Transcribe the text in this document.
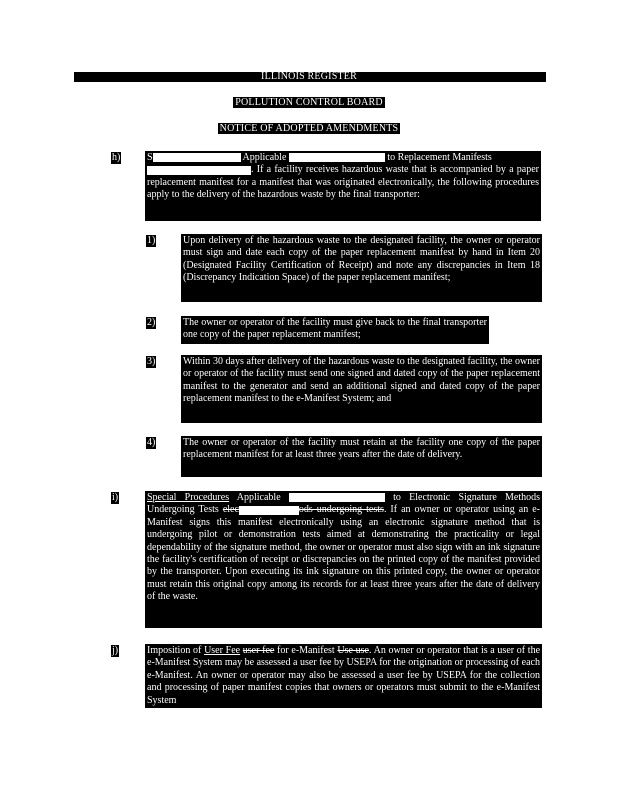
ILLINOIS REGISTER
POLLUTION CONTROL BOARD
NOTICE OF ADOPTED AMENDMENTS
h)	S	Applicable	to Replacement Manifests
. If a facility receives hazardous waste that is accompanied by a paper replacement manifest for a manifest that was originated electronically, the following procedures apply to the delivery of the hazardous waste by the final transporter:
1)	Upon delivery of the hazardous waste to the designated facility, the owner or operator must sign and date each copy of the paper replacement manifest by hand in Item 20 (Designated Facility Certification of Receipt) and note any discrepancies in Item 18 (Discrepancy Indication Space) of the paper replacement manifest;
2)	The owner or operator of the facility must give back to the final transporter one copy of the paper replacement manifest;
3)	Within 30 days after delivery of the hazardous waste to the designated facility, the owner or operator of the facility must send one signed and dated copy of the paper replacement manifest to the generator and send an additional signed and dated copy of the paper replacement manifest to the e-Manifest System; and
4)	The owner or operator of the facility must retain at the facility one copy of the paper replacement manifest for at least three years after the date of delivery.
i)	Special Procedures Applicable	to Electronic Signature Methods Undergoing Tests elec	ods undergoing tests. If an owner or operator using an e-Manifest signs this manifest electronically using an electronic signature method that is undergoing pilot or demonstration tests aimed at demonstrating the practicality or legal dependability of the signature method, the owner or operator must also sign with an ink signature the facility's certification of receipt or discrepancies on the printed copy of the manifest provided by the transporter. Upon executing its ink signature on this printed copy, the owner or operator must retain this original copy among its records for at least three years after the date of delivery of the waste.
j)	Imposition of User Fee user fee for e-Manifest Use use. An owner or operator that is a user of the e-Manifest System may be assessed a user fee by USEPA for the origination or processing of each e-Manifest. An owner or operator may also be assessed a user fee by USEPA for the collection and processing of paper manifest copies that owners or operators must submit to the e-Manifest System
